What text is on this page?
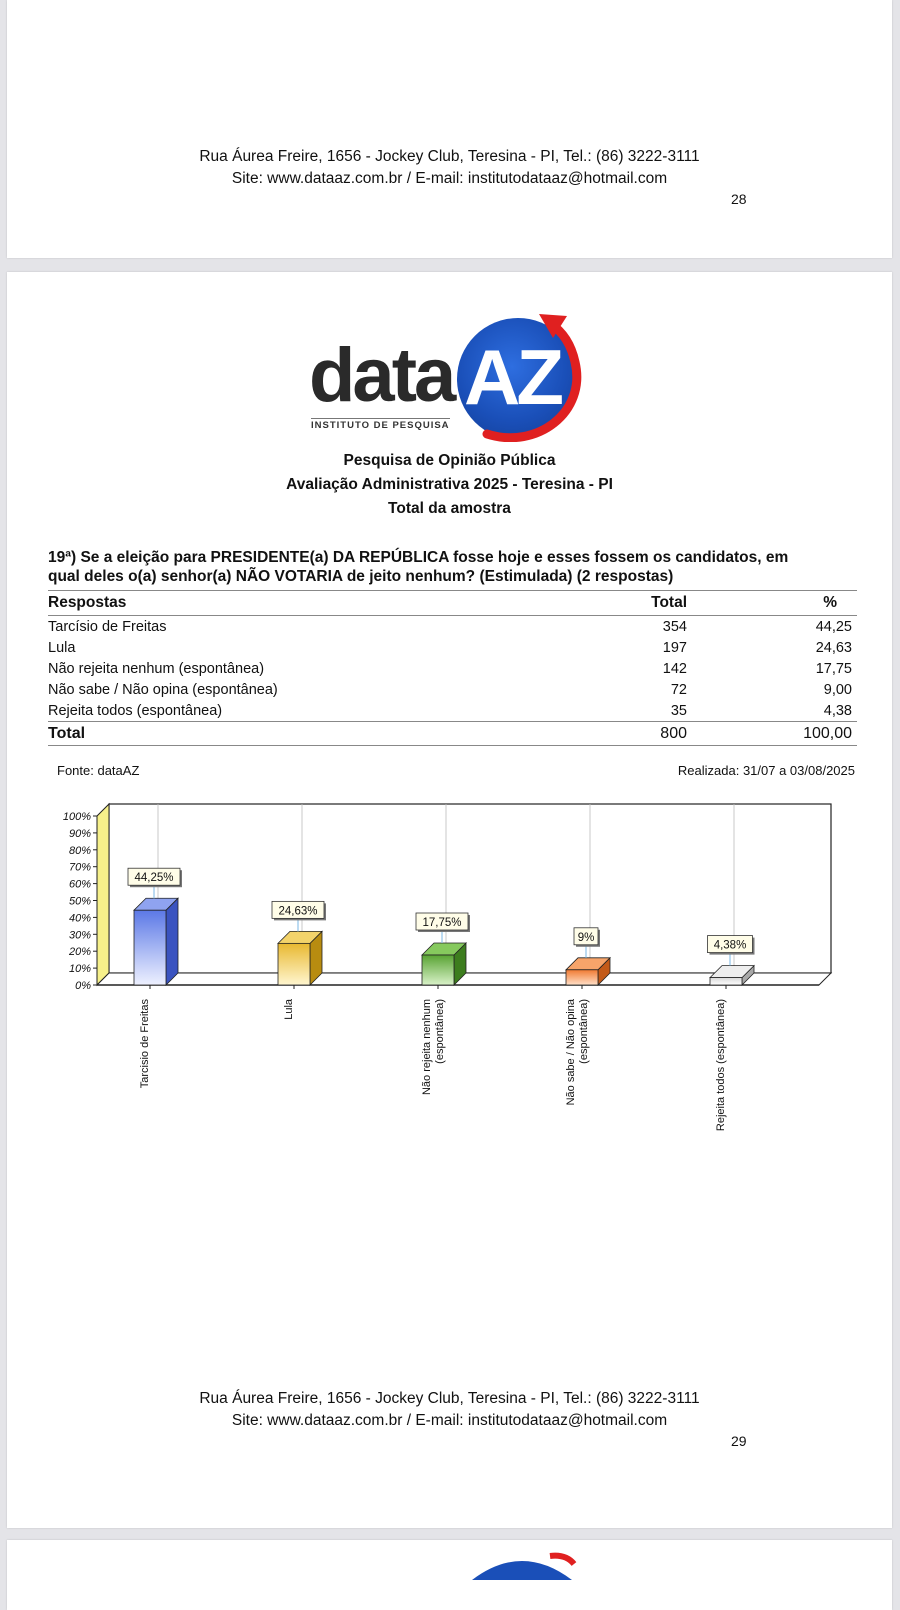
Rua Áurea Freire, 1656 - Jockey Club, Teresina - PI, Tel.: (86) 3222-3111
Site: www.dataaz.com.br / E-mail: institutodataaz@hotmail.com
28
data AZ
INSTITUTO DE PESQUISA
Pesquisa de Opinião Pública
Avaliação Administrativa 2025 - Teresina - PI
Total da amostra
19ª) Se a eleição para PRESIDENTE(a) DA REPÚBLICA fosse hoje e esses fossem os candidatos, em
qual deles o(a) senhor(a) NÃO VOTARIA de jeito nenhum? (Estimulada) (2 respostas)
Respostas	Total	%
Tarcísio de Freitas	354	44,25
Lula	197	24,63
Não rejeita nenhum (espontânea)	142	17,75
Não sabe / Não opina (espontânea)	72	9,00
Rejeita todos (espontânea)	35	4,38
Total	800	100,00
Fonte: dataAZ	Realizada: 31/07 a 03/08/2025
0%
10%
20%
30%
40%
50%
60%
70%
80%
90%
100%
44,25%
Tarcisio de Freitas
24,63%
Lula
17,75%
Não rejeita nenhum (espontânea)
9%
Não sabe / Não opina (espontânea)
4,38%
Rejeita todos (espontânea)
Rua Áurea Freire, 1656 - Jockey Club, Teresina - PI, Tel.: (86) 3222-3111
Site: www.dataaz.com.br / E-mail: institutodataaz@hotmail.com
29
